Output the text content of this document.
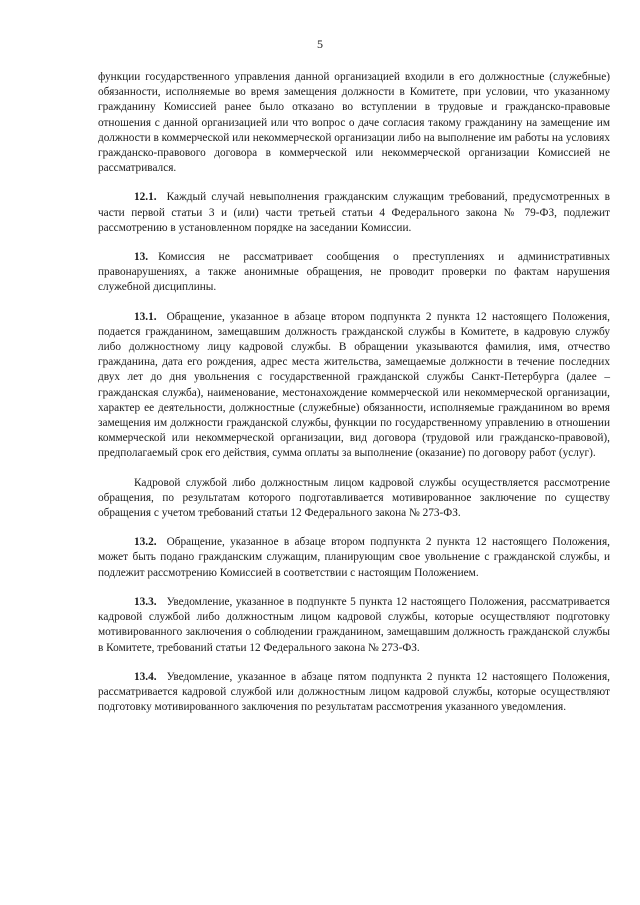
5

функции государственного управления данной организацией входили в его должностные (служебные) обязанности, исполняемые во время замещения должности в Комитете, при условии, что указанному гражданину Комиссией ранее было отказано во вступлении в трудовые и гражданско-правовые отношения с данной организацией или что вопрос о даче согласия такому гражданину на замещение им должности в коммерческой или некоммерческой организации либо на выполнение им работы на условиях гражданско-правового договора в коммерческой или некоммерческой организации Комиссией не рассматривался.

12.1. Каждый случай невыполнения гражданским служащим требований, предусмотренных в части первой статьи 3 и (или) части третьей статьи 4 Федерального закона № 79-ФЗ, подлежит рассмотрению в установленном порядке на заседании Комиссии.

13. Комиссия не рассматривает сообщения о преступлениях и административных правонарушениях, а также анонимные обращения, не проводит проверки по фактам нарушения служебной дисциплины.

13.1. Обращение, указанное в абзаце втором подпункта 2 пункта 12 настоящего Положения, подается гражданином, замещавшим должность гражданской службы в Комитете, в кадровую службу либо должностному лицу кадровой службы. В обращении указываются фамилия, имя, отчество гражданина, дата его рождения, адрес места жительства, замещаемые должности в течение последних двух лет до дня увольнения с государственной гражданской службы Санкт-Петербурга (далее – гражданская служба), наименование, местонахождение коммерческой или некоммерческой организации, характер ее деятельности, должностные (служебные) обязанности, исполняемые гражданином во время замещения им должности гражданской службы, функции по государственному управлению в отношении коммерческой или некоммерческой организации, вид договора (трудовой или гражданско-правовой), предполагаемый срок его действия, сумма оплаты за выполнение (оказание) по договору работ (услуг).

Кадровой службой либо должностным лицом кадровой службы осуществляется рассмотрение обращения, по результатам которого подготавливается мотивированное заключение по существу обращения с учетом требований статьи 12 Федерального закона № 273-ФЗ.

13.2. Обращение, указанное в абзаце втором подпункта 2 пункта 12 настоящего Положения, может быть подано гражданским служащим, планирующим свое увольнение с гражданской службы, и подлежит рассмотрению Комиссией в соответствии с настоящим Положением.

13.3. Уведомление, указанное в подпункте 5 пункта 12 настоящего Положения, рассматривается кадровой службой либо должностным лицом кадровой службы, которые осуществляют подготовку мотивированного заключения о соблюдении гражданином, замещавшим должность гражданской службы в Комитете, требований статьи 12 Федерального закона № 273-ФЗ.

13.4. Уведомление, указанное в абзаце пятом подпункта 2 пункта 12 настоящего Положения, рассматривается кадровой службой или должностным лицом кадровой службы, которые осуществляют подготовку мотивированного заключения по результатам рассмотрения указанного уведомления.
